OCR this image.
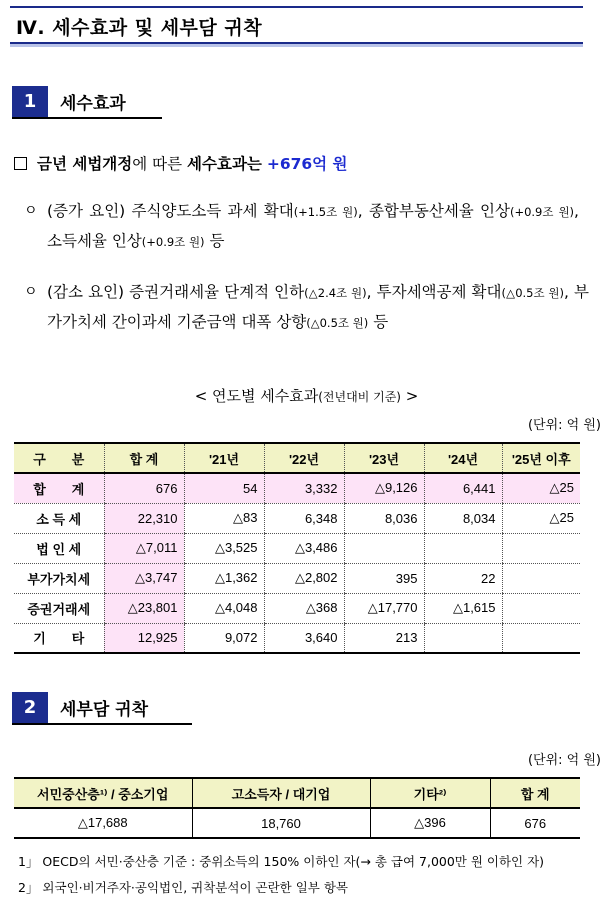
Ⅳ. 세수효과 및 세부담 귀착
1	세수효과
금년 세법개정에 따른 세수효과는 +676억 원
ㅇ (증가 요인) 주식양도소득 과세 확대(+1.5조 원), 종합부동산세율 인상(+0.9조 원), 소득세율 인상(+0.9조 원) 등
ㅇ (감소 요인) 증권거래세율 단계적 인하(△2.4조 원), 투자세액공제 확대(△0.5조 원), 부가가치세 간이과세 기준금액 대폭 상향(△0.5조 원) 등
< 연도별 세수효과(전년대비 기준) >
(단위: 억 원)
구　　분	합 계	'21년	'22년	'23년	'24년	'25년 이후
합　　계	676	54	3,332	△9,126	6,441	△25
소 득 세	22,310	△83	6,348	8,036	8,034	△25
법 인 세	△7,011	△3,525	△3,486			
부가가치세	△3,747	△1,362	△2,802	395	22	
증권거래세	△23,801	△4,048	△368	△17,770	△1,615	
기　　타	12,925	9,072	3,640	213		
2	세부담 귀착
(단위: 억 원)
서민중산층¹⁾ / 중소기업	고소득자 / 대기업	기타²⁾	합 계
△17,688	18,760	△396	676
1」 OECD의 서민·중산층 기준 : 중위소득의 150% 이하인 자(→ 총 급여 7,000만 원 이하인 자)
2」 외국인·비거주자·공익법인, 귀착분석이 곤란한 일부 항목
